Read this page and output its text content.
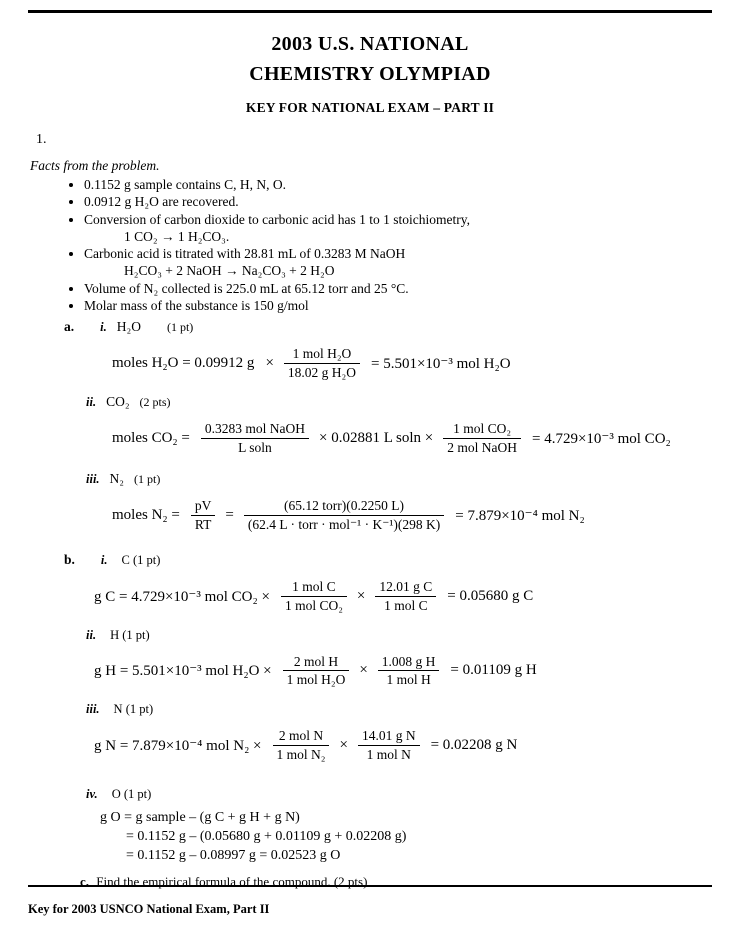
2003 U.S. NATIONAL
CHEMISTRY OLYMPIAD
KEY FOR NATIONAL EXAM – PART II
1.
Facts from the problem.
• 0.1152 g sample contains C, H, N, O.
• 0.0912 g H₂O are recovered.
• Conversion of carbon dioxide to carbonic acid has 1 to 1 stoichiometry,
1 CO₂ → 1 H₂CO₃.
• Carbonic acid is titrated with 28.81 mL of 0.3283 M NaOH
H₂CO₃ + 2 NaOH → Na₂CO₃ + 2 H₂O
• Volume of N₂ collected is 225.0 mL at 65.12 torr and 25 °C.
• Molar mass of the substance is 150 g/mol
a. i. H₂O (1 pt)
moles H₂O = 0.09912 $g \times \frac{\text{1 mol H₂O}}{\text{18.02 g H₂O}} = 5.501\times 10^{-3}$ mol H₂O
ii. CO₂ (2 pts)
moles $CO_2 = \frac{\text{0.3283 mol NaOH}}{\text{L soln}} \times 0.02881$ L $soln \times \frac{\text{1 mol CO₂}}{\text{2 mol NaOH}} = 4.729\times 10^{-3}$ mol CO₂
iii. N₂ (1 pt)
moles $N_2 = \frac{pV}{RT} = \frac{\text{(65.12 torr)(0.2250 L)}}{\text{(62.4 L · torr · mol⁻¹ · K⁻¹)(298 K)}} = 7.879\times 10^{-4}$ mol N₂
b. i. C (1 pt)
g C = 4.729×10⁻³ mol $CO_2 \times \frac{\text{1 mol C}}{\text{1 mol CO₂}} \times \frac{\text{12.01 g C}}{\text{1 mol C}} = 0.05680$ g C
ii. H (1 pt)
g H = 5.501×10⁻³ mol $H_2O \times \frac{\text{2 mol H}}{\text{1 mol H₂O}} \times \frac{\text{1.008 g H}}{\text{1 mol H}} = 0.01109$ g H
iii. N (1 pt)
g N = 7.879×10⁻⁴ mol $N_2 \times \frac{\text{2 mol N}}{\text{1 mol N₂}} \times \frac{\text{14.01 g N}}{\text{1 mol N}} = 0.02208$ g N
iv. O (1 pt)
g O = g sample – (g C + g H + g N)
= 0.1152 g – (0.05680 g + 0.01109 g + 0.02208 g)
= 0.1152 g – 0.08997 g = 0.02523 g O
c. Find the empirical formula of the compound. (2 pts)
Key for 2003 USNCO National Exam, Part II
